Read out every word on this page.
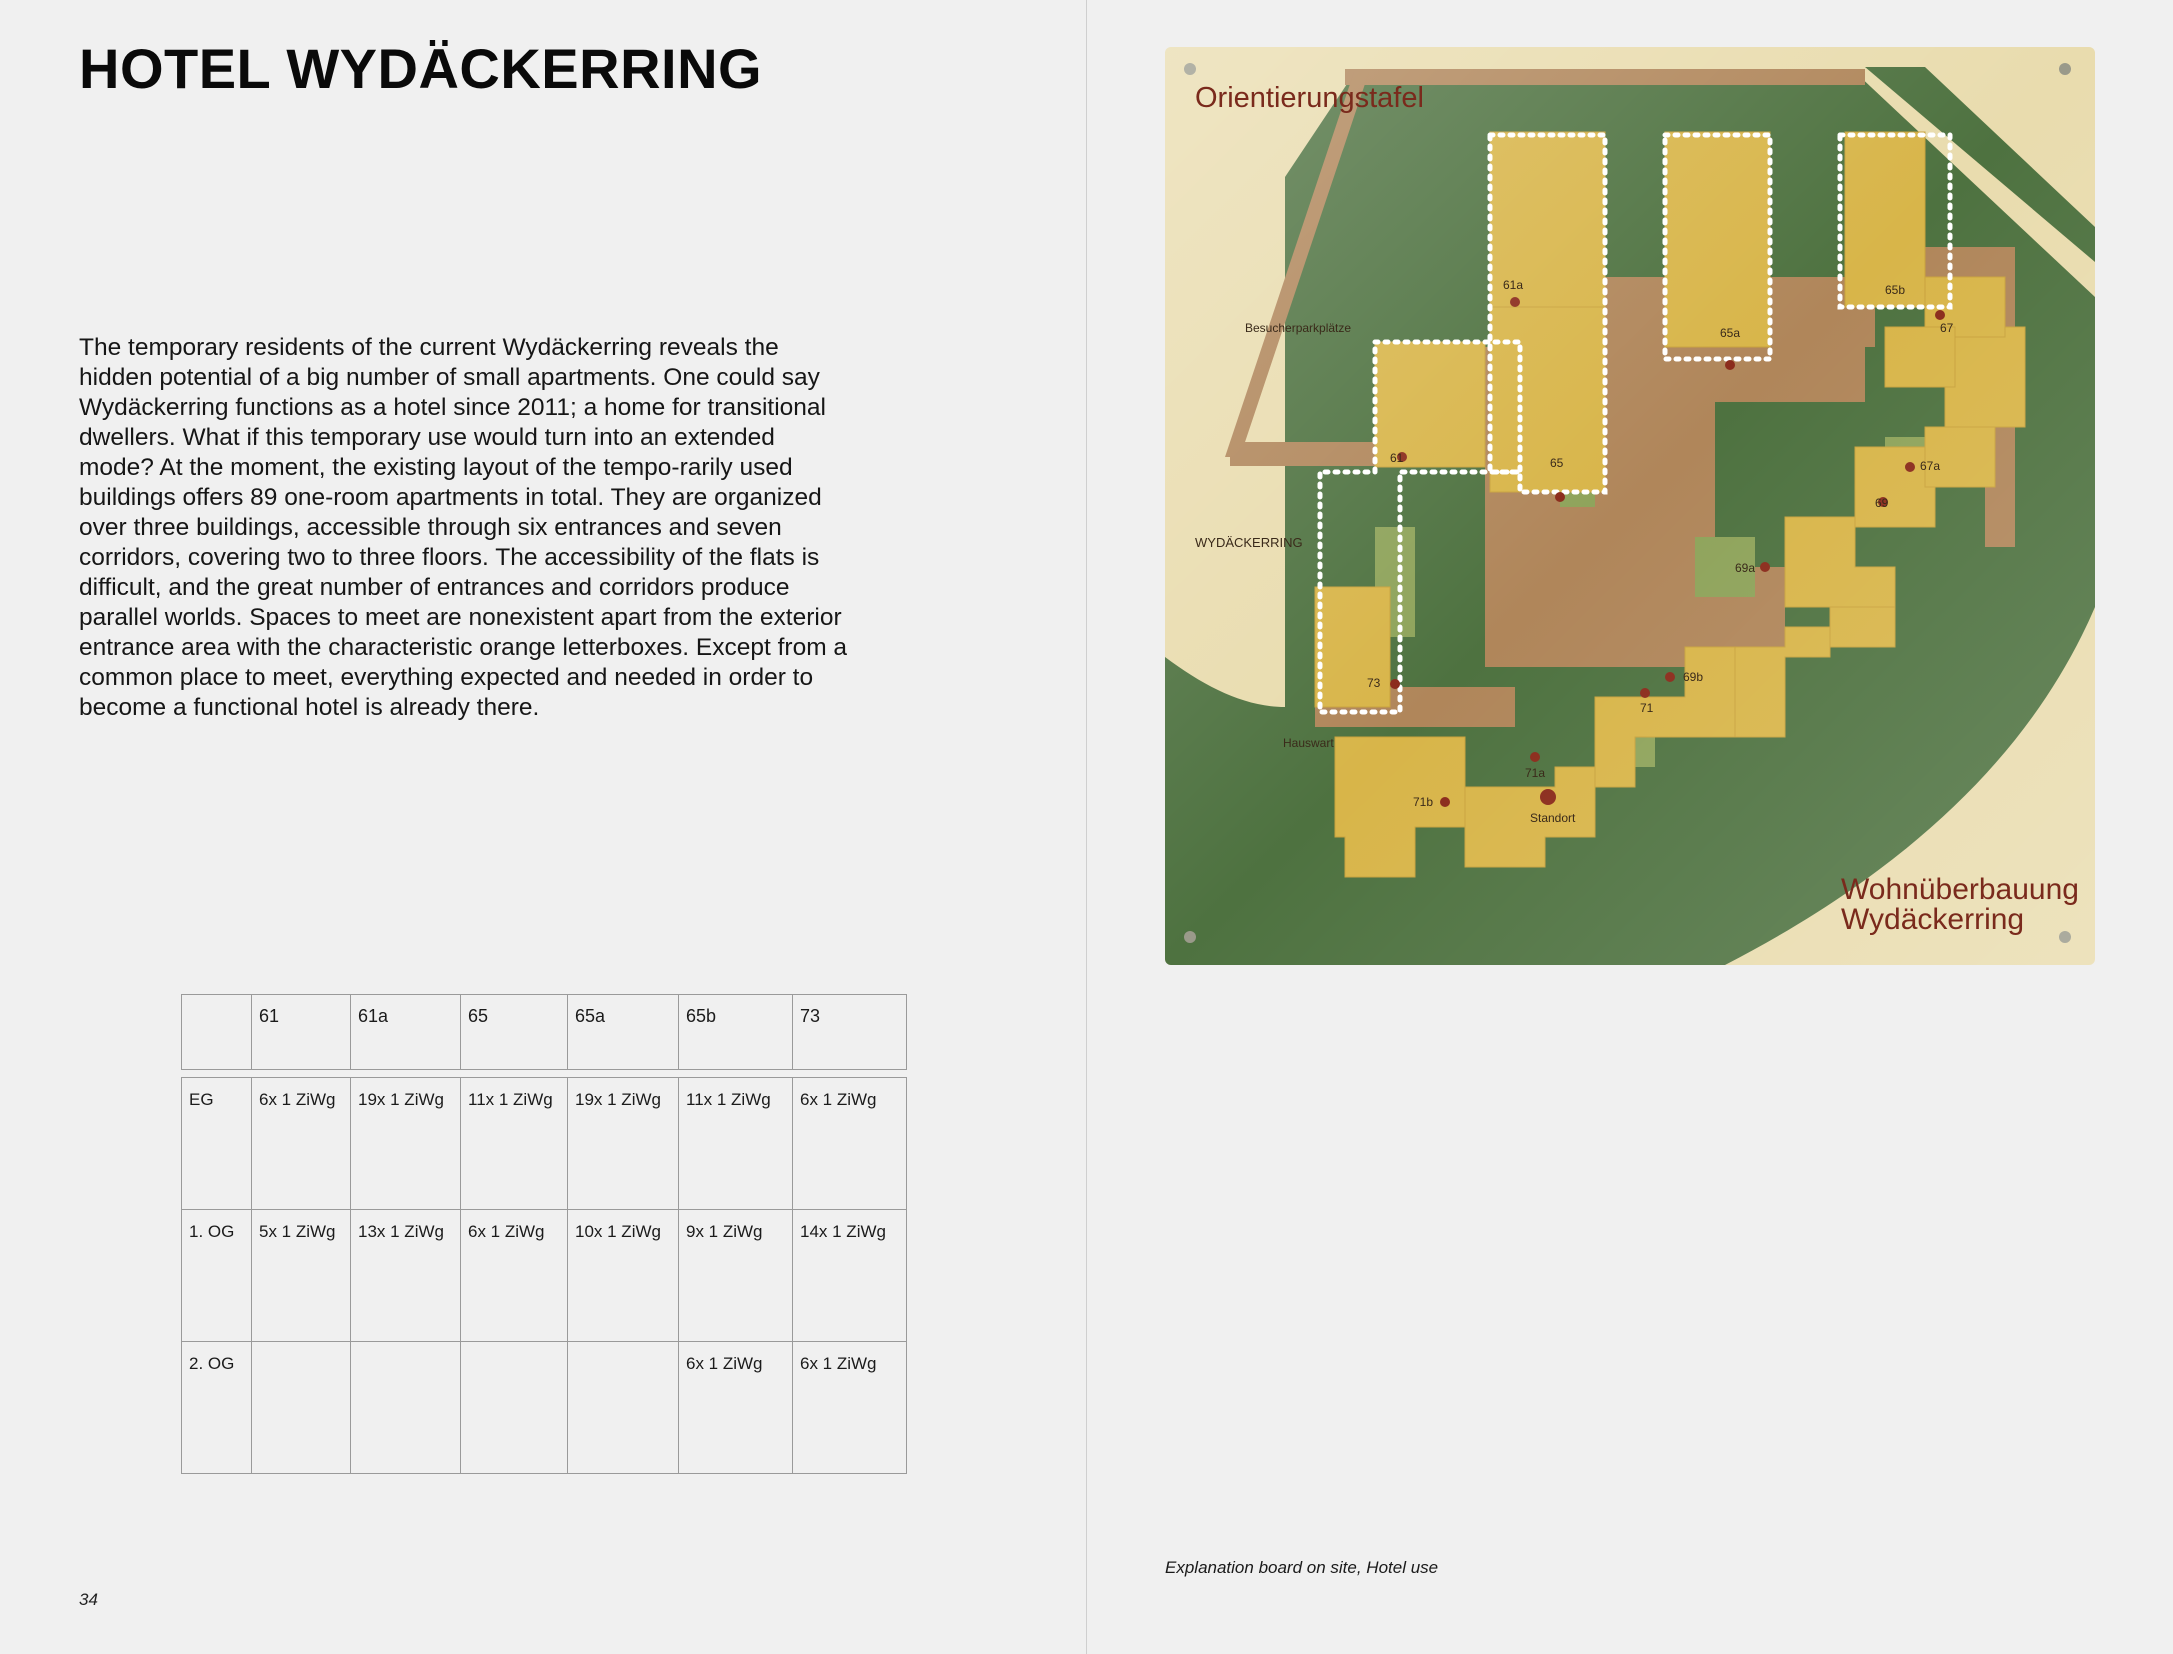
HOTEL WYDÄCKERRING

The temporary residents of the current Wydäckerring reveals the hidden potential of a big number of small apartments. One could say Wydäckerring functions as a hotel since 2011; a home for transitional dwellers. What if this temporary use would turn into an extended mode? At the moment, the existing layout of the tempo-rarily used buildings offers 89 one-room apartments in total. They are organized over three buildings, accessible through six entrances and seven corridors, covering two to three floors. The accessibility of the flats is difficult, and the great number of entrances and corridors produce parallel worlds. Spaces to meet are nonexistent apart from the exterior entrance area with the characteristic orange letterboxes. Except from a common place to meet, everything expected and needed in order to become a functional hotel is already there.

	61	61a	65	65a	65b	73

EG	6x 1 ZiWg	19x 1 ZiWg	11x 1 ZiWg	19x 1 ZiWg	11x 1 ZiWg	6x 1 ZiWg
1. OG	5x 1 ZiWg	13x 1 ZiWg	6x 1 ZiWg	10x 1 ZiWg	9x 1 ZiWg	14x 1 ZiWg
2. OG					6x 1 ZiWg	6x 1 ZiWg
34
Orientierungstafel
Wohnüberbauung
Wydäckerring
WYDÄCKERRING
Besucherparkplätze
Hauswart
Standort
61a
65a
65b
67
61	65	67a
69
69a
73
71
69b
71a
71b
Explanation board on site, Hotel use
